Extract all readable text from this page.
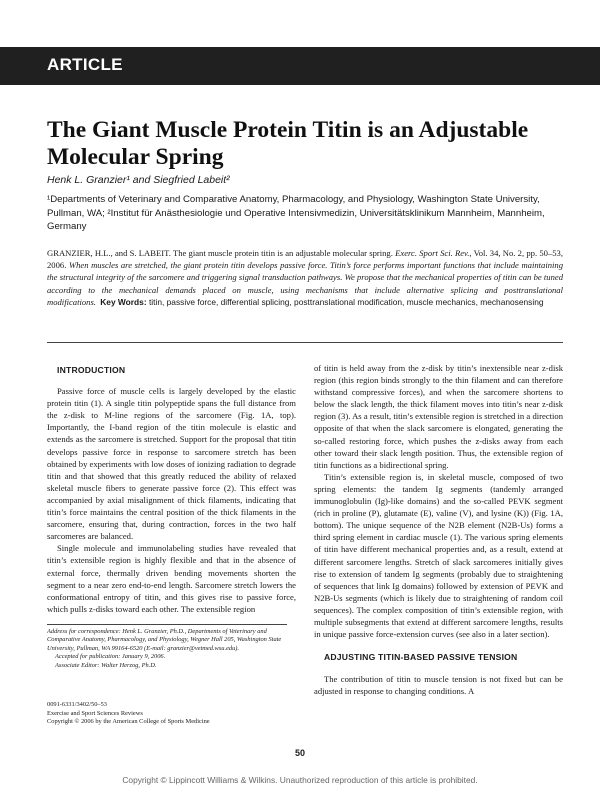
ARTICLE
The Giant Muscle Protein Titin is an Adjustable Molecular Spring
Henk L. Granzier¹ and Siegfried Labeit²
¹Departments of Veterinary and Comparative Anatomy, Pharmacology, and Physiology, Washington State University, Pullman, WA; ²Institut für Anästhesiologie und Operative Intensivmedizin, Universitätsklinikum Mannheim, Mannheim, Germany
GRANZIER, H.L., and S. LABEIT. The giant muscle protein titin is an adjustable molecular spring. Exerc. Sport Sci. Rev., Vol. 34, No. 2, pp. 50–53, 2006. When muscles are stretched, the giant protein titin develops passive force. Titin’s force performs important functions that include maintaining the structural integrity of the sarcomere and triggering signal transduction pathways. We propose that the mechanical properties of titin can be tuned according to the mechanical demands placed on muscle, using mechanisms that include alternative splicing and posttranslational modifications. Key Words: titin, passive force, differential splicing, posttranslational modification, muscle mechanics, mechanosensing

INTRODUCTION

Passive force of muscle cells is largely developed by the elastic protein titin (1). A single titin polypeptide spans the full distance from the z-disk to M-line regions of the sarcomere (Fig. 1A, top). Importantly, the I-band region of the titin molecule is elastic and extends as the sarcomere is stretched. Support for the proposal that titin develops passive force in response to sarcomere stretch has been obtained by experiments with low doses of ionizing radiation to degrade titin and that showed that this greatly reduced the ability of relaxed skeletal muscle fibers to generate passive force (2). This effect was accompanied by axial misalignment of thick filaments, indicating that titin’s force maintains the central position of the thick filaments in the sarcomere, ensuring that, during contraction, forces in the two half sarcomeres are balanced.

Single molecule and immunolabeling studies have revealed that titin’s extensible region is highly flexible and that in the absence of external force, thermally driven bending movements shorten the segment to a near zero end-to-end length. Sarcomere stretch lowers the conformational entropy of titin, and this gives rise to passive force, which pulls z-disks toward each other. The extensible region

Address for correspondence: Henk L. Granzier, Ph.D., Departments of Veterinary and Comparative Anatomy, Pharmacology, and Physiology, Wegner Hall 205, Washington State University, Pullman, WA 99164-6520 (E-mail: granzier@vetmed.wsu.edu).
Accepted for publication: January 9, 2006.
Associate Editor: Walter Herzog, Ph.D.
0091-6331/3402/50–53
Exercise and Sport Sciences Reviews
Copyright © 2006 by the American College of Sports Medicine

of titin is held away from the z-disk by titin’s inextensible near z-disk region (this region binds strongly to the thin filament and can therefore withstand compressive forces), and when the sarcomere shortens to below the slack length, the thick filament moves into titin’s near z-disk region (3). As a result, titin’s extensible region is stretched in a direction opposite of that when the slack sarcomere is elongated, generating the so-called restoring force, which pushes the z-disks away from each other toward their slack length position. Thus, the extensible region of titin functions as a bidirectional spring.

Titin’s extensible region is, in skeletal muscle, composed of two spring elements: the tandem Ig segments (tandemly arranged immunoglobulin (Ig)-like domains) and the so-called PEVK segment (rich in proline (P), glutamate (E), valine (V), and lysine (K)) (Fig. 1A, bottom). The unique sequence of the N2B element (N2B-Us) forms a third spring element in cardiac muscle (1). The various spring elements of titin have different mechanical properties and, as a result, extend at different sarcomere lengths. Stretch of slack sarcomeres initially gives rise to extension of tandem Ig segments (probably due to straightening of sequences that link Ig domains) followed by extension of PEVK and N2B-Us segments (which is likely due to straightening of random coil sequences). The complex composition of titin’s extensible region, with multiple subsegments that extend at different sarcomere lengths, results in unique passive force-extension curves (see also in a later section).

ADJUSTING TITIN-BASED PASSIVE TENSION

The contribution of titin to muscle tension is not fixed but can be adjusted in response to changing conditions. A

50
Copyright © Lippincott Williams & Wilkins. Unauthorized reproduction of this article is prohibited.
